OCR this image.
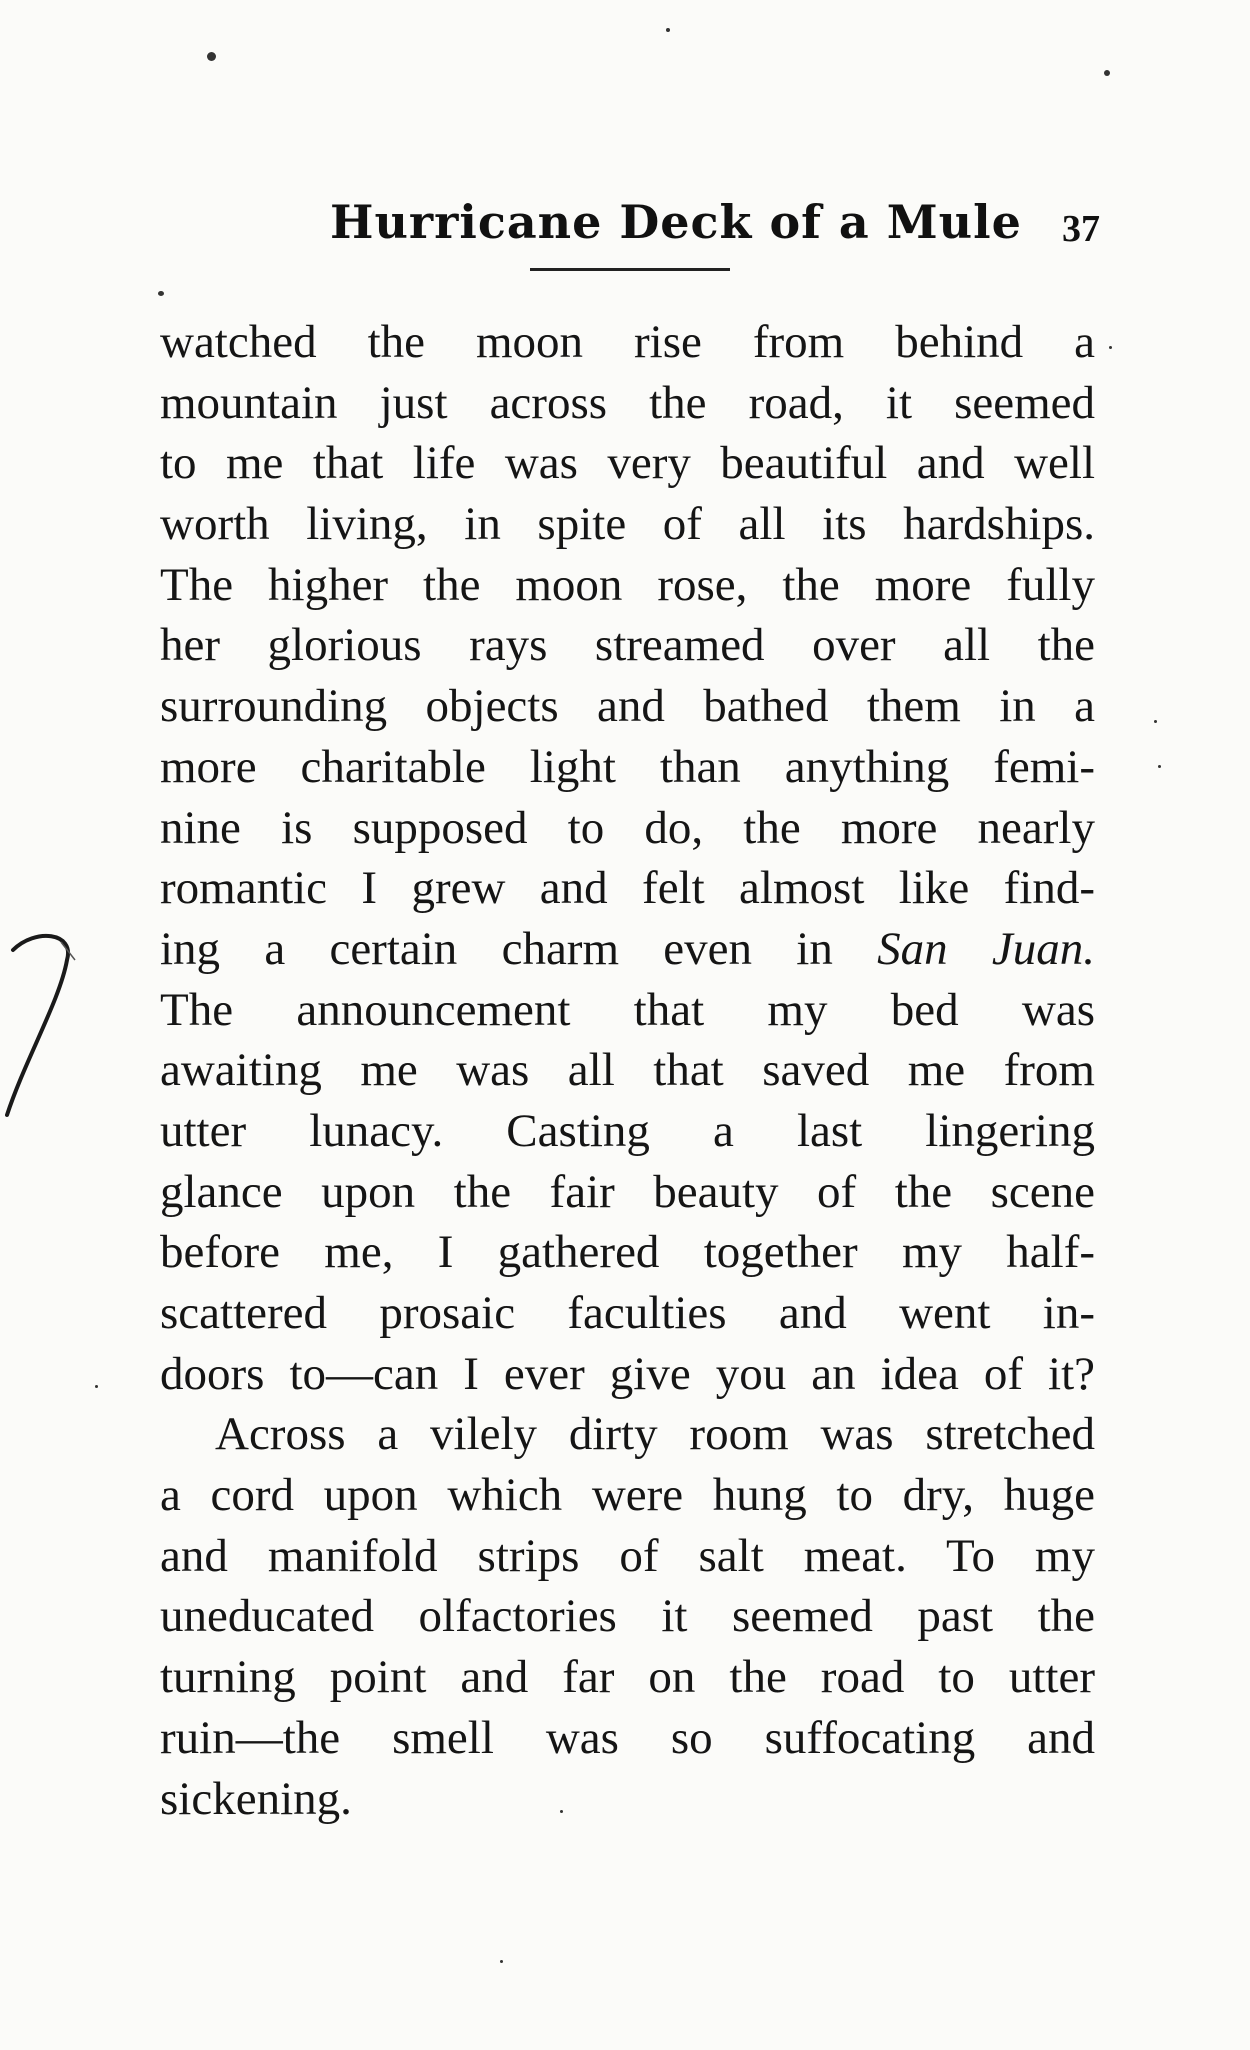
Hurricane Deck of a Mule 37
watched the moon rise from behind a
mountain just across the road, it seemed
to me that life was very beautiful and well
worth living, in spite of all its hardships.
The higher the moon rose, the more fully
her glorious rays streamed over all the
surrounding objects and bathed them in a
more charitable light than anything femi-
nine is supposed to do, the more nearly
romantic I grew and felt almost like find-
ing a certain charm even in San Juan.
The announcement that my bed was
awaiting me was all that saved me from
utter lunacy. Casting a last lingering
glance upon the fair beauty of the scene
before me, I gathered together my half-
scattered prosaic faculties and went in-
doors to—can I ever give you an idea of it?
Across a vilely dirty room was stretched
a cord upon which were hung to dry, huge
and manifold strips of salt meat. To my
uneducated olfactories it seemed past the
turning point and far on the road to utter
ruin—the smell was so suffocating and
sickening.
